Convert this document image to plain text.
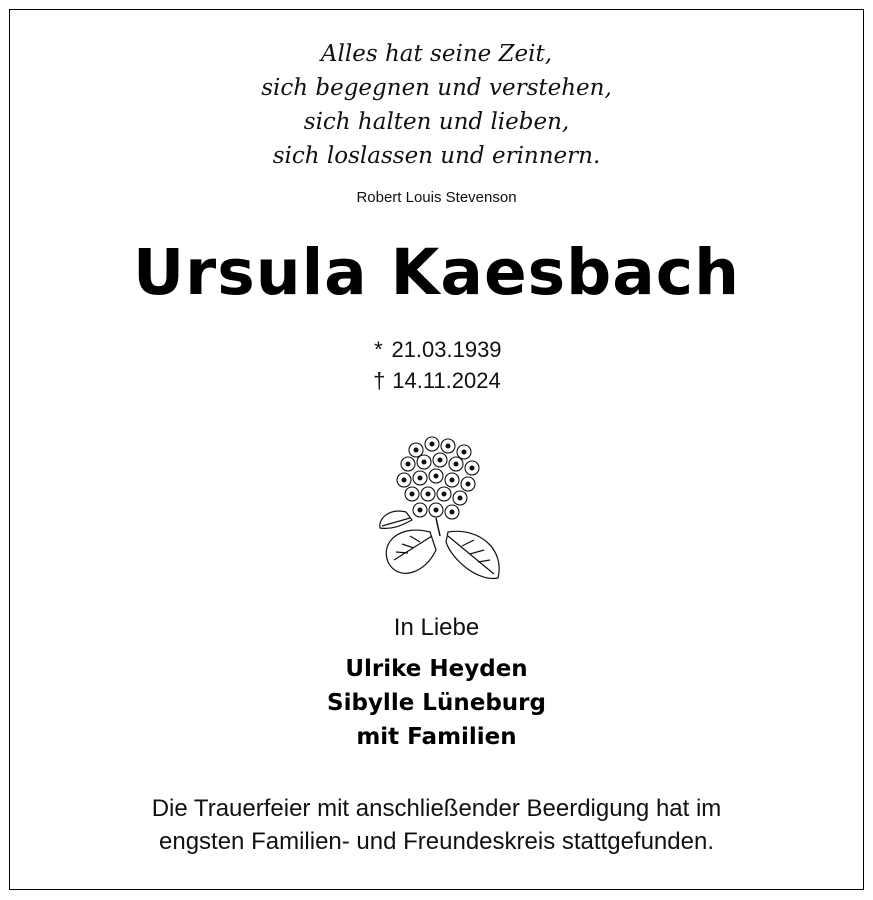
Alles hat seine Zeit,
sich begegnen und verstehen,
sich halten und lieben,
sich loslassen und erinnern.
Robert Louis Stevenson
Ursula Kaesbach
* 21.03.1939
† 14.11.2024
In Liebe
Ulrike Heyden
Sibylle Lüneburg
mit Familien
Die Trauerfeier mit anschließender Beerdigung hat im
engsten Familien- und Freundeskreis stattgefunden.
